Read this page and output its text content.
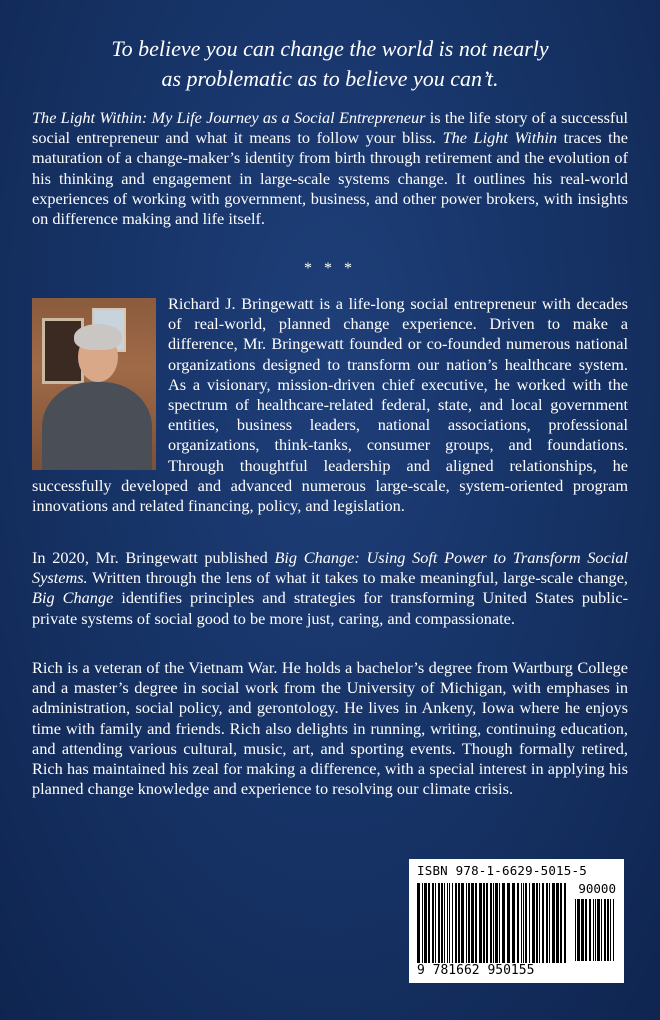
To believe you can change the world is not nearly
as problematic as to believe you can’t.
The Light Within: My Life Journey as a Social Entrepreneur is the life story of a successful social entrepreneur and what it means to follow your bliss. The Light Within traces the maturation of a change-maker’s identity from birth through retirement and the evolution of his thinking and engagement in large-scale systems change. It outlines his real-world experiences of working with government, business, and other power brokers, with insights on difference making and life itself.
* * *
Richard J. Bringewatt is a life-long social entrepreneur with decades of real-world, planned change experience. Driven to make a difference, Mr. Bringewatt founded or co-founded numerous national organizations designed to transform our nation’s healthcare system. As a visionary, mission-driven chief executive, he worked with the spectrum of healthcare-related federal, state, and local government entities, business leaders, national associations, professional organizations, think-tanks, consumer groups, and foundations. Through thoughtful leadership and aligned relationships, he successfully developed and advanced numerous large-scale, system-oriented program innovations and related financing, policy, and legislation.
In 2020, Mr. Bringewatt published Big Change: Using Soft Power to Transform Social Systems. Written through the lens of what it takes to make meaningful, large-scale change, Big Change identifies principles and strategies for transforming United States public-private systems of social good to be more just, caring, and compassionate.
Rich is a veteran of the Vietnam War. He holds a bachelor’s degree from Wartburg College and a master’s degree in social work from the University of Michigan, with emphases in administration, social policy, and gerontology. He lives in Ankeny, Iowa where he enjoys time with family and friends. Rich also delights in running, writing, continuing education, and attending various cultural, music, art, and sporting events. Though formally retired, Rich has maintained his zeal for making a difference, with a special interest in applying his planned change knowledge and experience to resolving our climate crisis.
ISBN 978-1-6629-5015-5
90000
9 781662 950155
